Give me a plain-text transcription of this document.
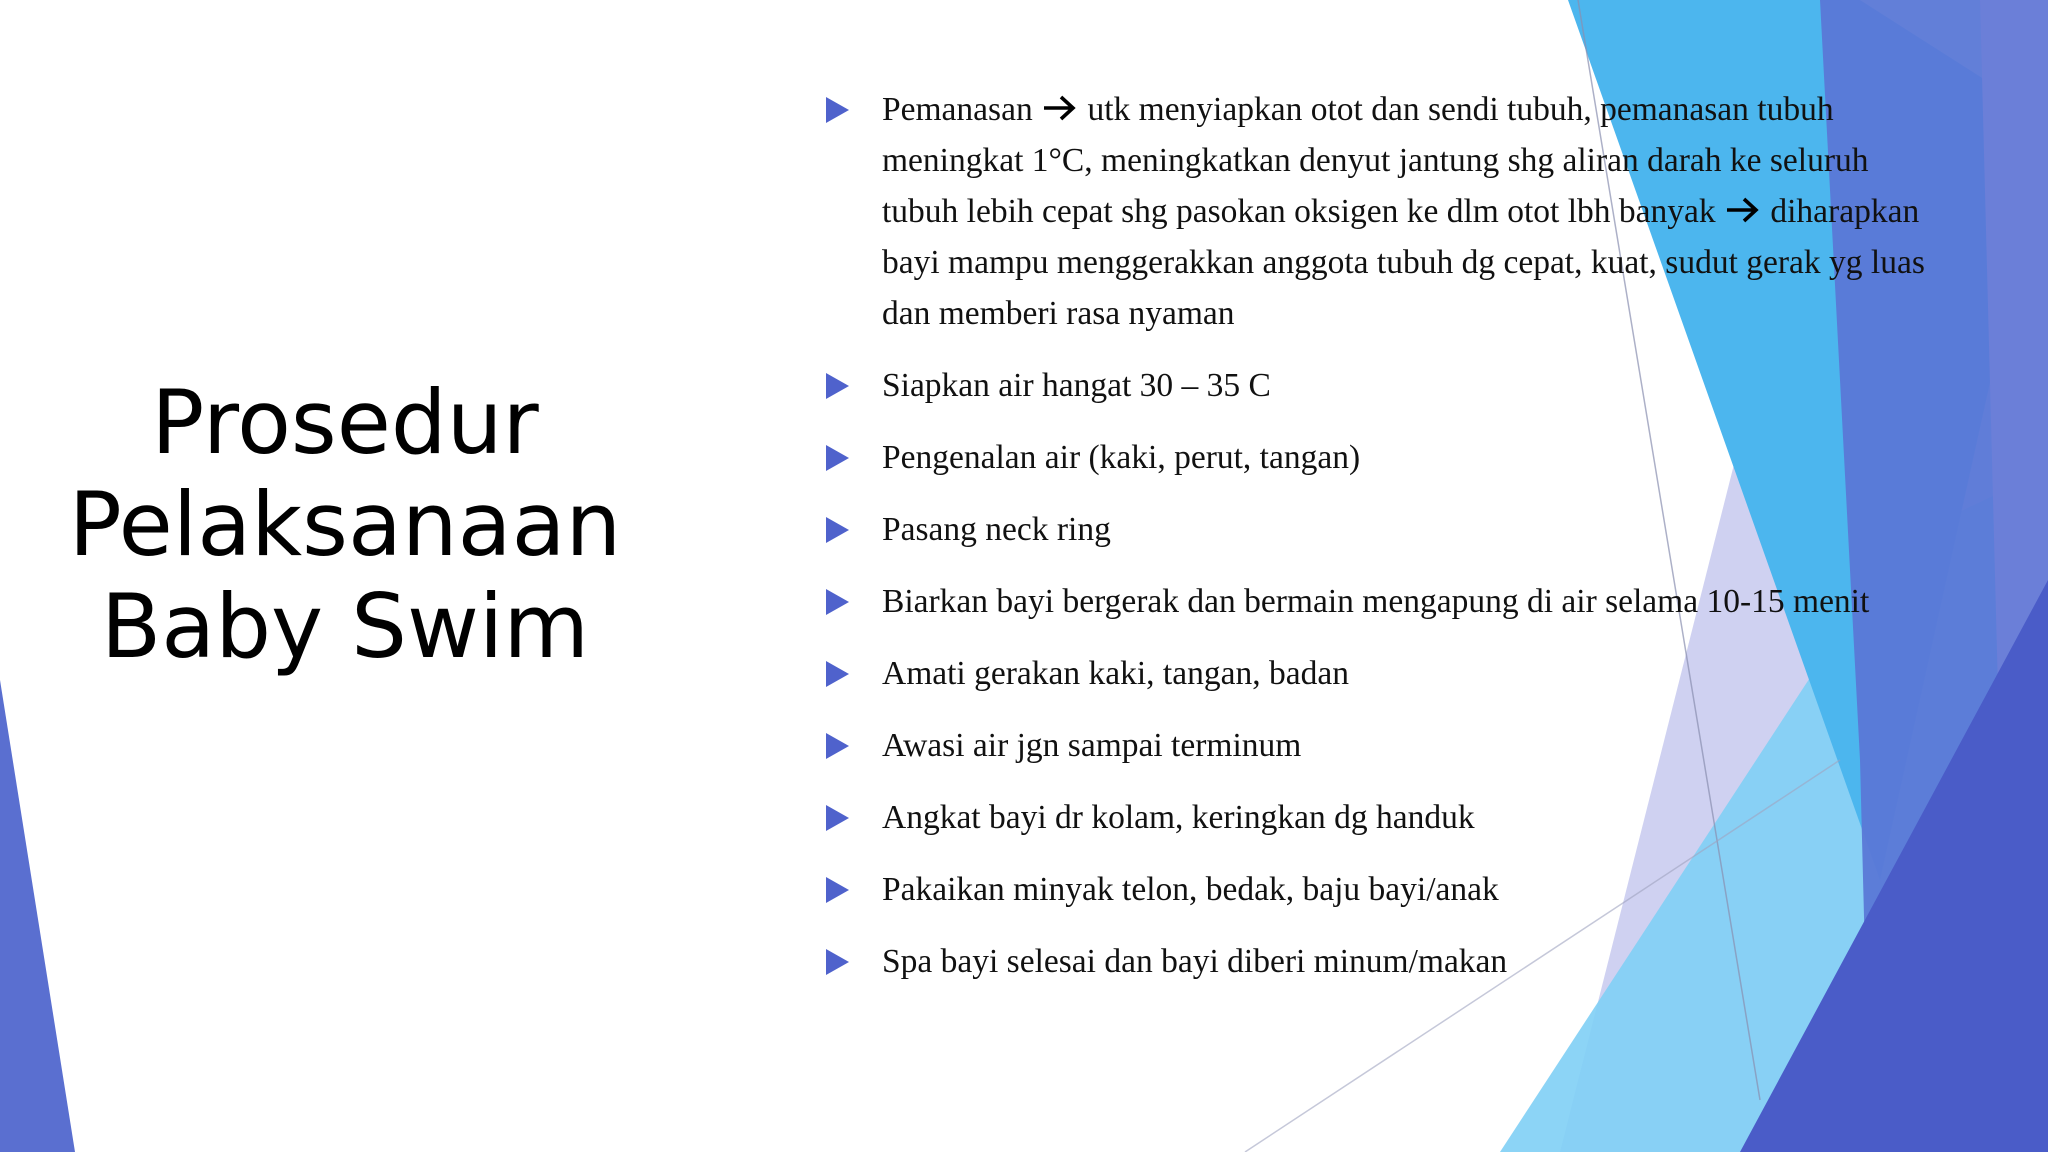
Prosedur
Pelaksanaan
Baby Swim
Pemanasan utk menyiapkan otot dan sendi tubuh, pemanasan tubuh meningkat 1°C, meningkatkan denyut jantung shg aliran darah ke seluruh tubuh lebih cepat shg pasokan oksigen ke dlm otot lbh banyak diharapkan bayi mampu menggerakkan anggota tubuh dg cepat, kuat, sudut gerak yg luas dan memberi rasa nyaman
Siapkan air hangat 30 – 35 C
Pengenalan air (kaki, perut, tangan)
Pasang neck ring
Biarkan bayi bergerak dan bermain mengapung di air selama 10-15 menit
Amati gerakan kaki, tangan, badan
Awasi air jgn sampai terminum
Angkat bayi dr kolam, keringkan dg handuk
Pakaikan minyak telon, bedak, baju bayi/anak
Spa bayi selesai dan bayi diberi minum/makan
